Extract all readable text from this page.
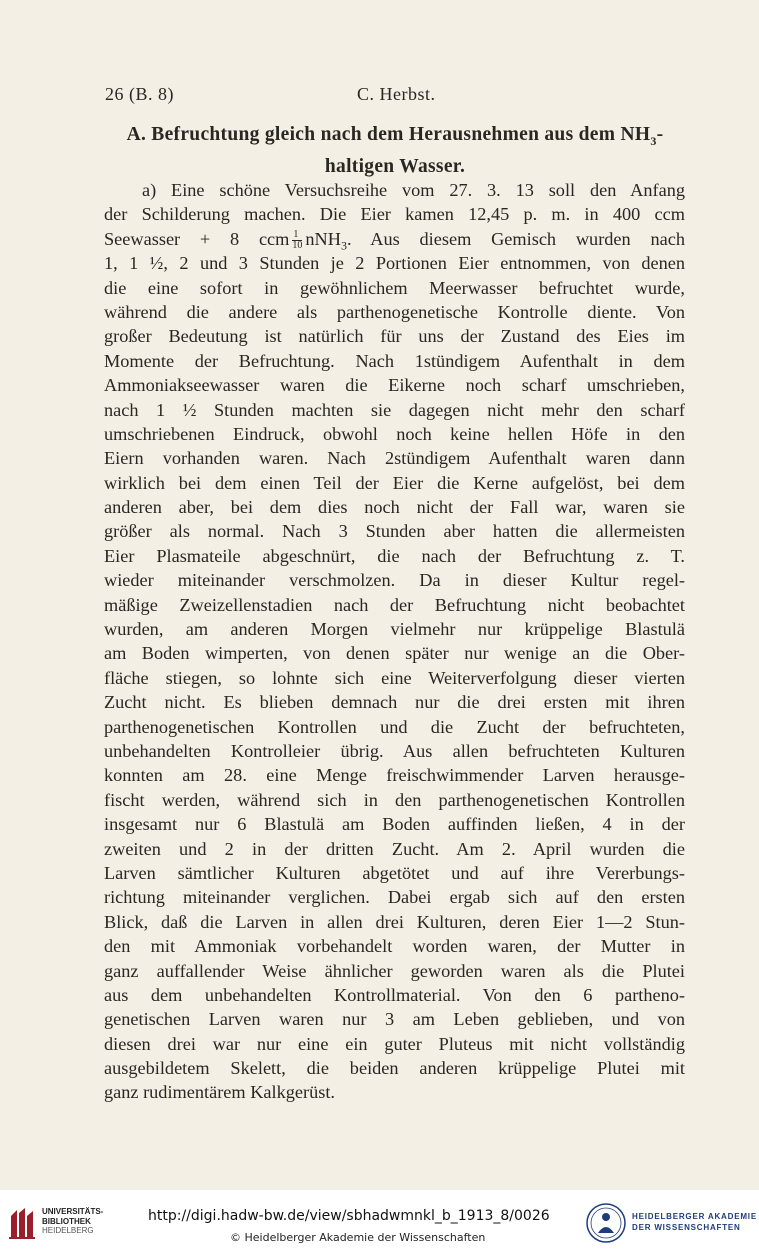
26 (B. 8)	C. Herbst.
A. Befruchtung gleich nach dem Herausnehmen aus dem $NH_3-$
haltigen Wasser.
a) Eine schöne Versuchsreihe vom 27. 3. 13 soll den Anfang
der Schilderung machen. Die Eier kamen 12,45 p. m. in 400 ccm
Seewasser + 8 ccm $\frac{1}{10} nNH_3$. Aus diesem Gemisch wurden nach
1, 1 ½, 2 und 3 Stunden je 2 Portionen Eier entnommen, von denen
die eine sofort in gewöhnlichem Meerwasser befruchtet wurde,
während die andere als parthenogenetische Kontrolle diente. Von
großer Bedeutung ist natürlich für uns der Zustand des Eies im
Momente der Befruchtung. Nach 1stündigem Aufenthalt in dem
Ammoniakseewasser waren die Eikerne noch scharf umschrieben,
nach 1 ½ Stunden machten sie dagegen nicht mehr den scharf
umschriebenen Eindruck, obwohl noch keine hellen Höfe in den
Eiern vorhanden waren. Nach 2stündigem Aufenthalt waren dann
wirklich bei dem einen Teil der Eier die Kerne aufgelöst, bei dem
anderen aber, bei dem dies noch nicht der Fall war, waren sie
größer als normal. Nach 3 Stunden aber hatten die allermeisten
Eier Plasmateile abgeschnürt, die nach der Befruchtung z. T.
wieder miteinander verschmolzen. Da in dieser Kultur regel-
mäßige Zweizellenstadien nach der Befruchtung nicht beobachtet
wurden, am anderen Morgen vielmehr nur krüppelige Blastulä
am Boden wimperten, von denen später nur wenige an die Ober-
fläche stiegen, so lohnte sich eine Weiterverfolgung dieser vierten
Zucht nicht. Es blieben demnach nur die drei ersten mit ihren
parthenogenetischen Kontrollen und die Zucht der befruchteten,
unbehandelten Kontrolleier übrig. Aus allen befruchteten Kulturen
konnten am 28. eine Menge freischwimmender Larven herausge-
fischt werden, während sich in den parthenogenetischen Kontrollen
insgesamt nur 6 Blastulä am Boden auffinden ließen, 4 in der
zweiten und 2 in der dritten Zucht. Am 2. April wurden die
Larven sämtlicher Kulturen abgetötet und auf ihre Vererbungs-
richtung miteinander verglichen. Dabei ergab sich auf den ersten
Blick, daß die Larven in allen drei Kulturen, deren Eier 1—2 Stun-
den mit Ammoniak vorbehandelt worden waren, der Mutter in
ganz auffallender Weise ähnlicher geworden waren als die Plutei
aus dem unbehandelten Kontrollmaterial. Von den 6 partheno-
genetischen Larven waren nur 3 am Leben geblieben, und von
diesen drei war nur eine ein guter Pluteus mit nicht vollständig
ausgebildetem Skelett, die beiden anderen krüppelige Plutei mit
ganz rudimentärem Kalkgerüst.
UNIVERSITÄTS-
BIBLIOTHEK
HEIDELBERG
http://digi.hadw-bw.de/view/sbhadwmnkl_b_1913_8/0026
© Heidelberger Akademie der Wissenschaften
HEIDELBERGER AKADEMIE
DER WISSENSCHAFTEN
